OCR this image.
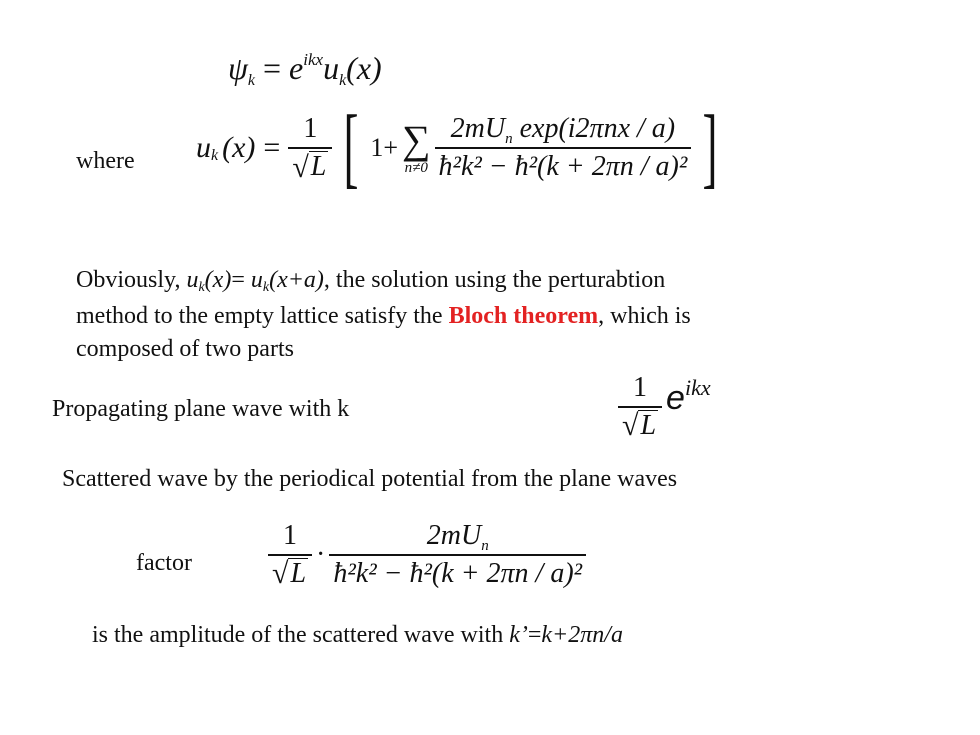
$\psi k = e^{ikx}uk(x)$
where u k $(x) = \frac{1}{√ L}$ [ 1+ ∑
$n\ne 0 \frac{2mU_n \exp(i2\pi nx / a)}{\text{ħ²k² − ħ²(k + 2πn / a)²}}$ ]
Obviously, uk(x)= uk(x+a), the solution using the perturabtion
method to the empty lattice satisfy the Bloch theorem, which is
composed of two parts
Propagating plane wave with k	$\frac{1}{√ L} e^{ikx}$
Scattered wave by the periodical potential from the plane waves
factor	$\frac{1}{√ L} \cdot \frac{2mU_n}{\text{ħ²k² − ħ²(k + 2πn / a)²}}$
is the amplitude of the scattered wave with k’=k+2πn/a
